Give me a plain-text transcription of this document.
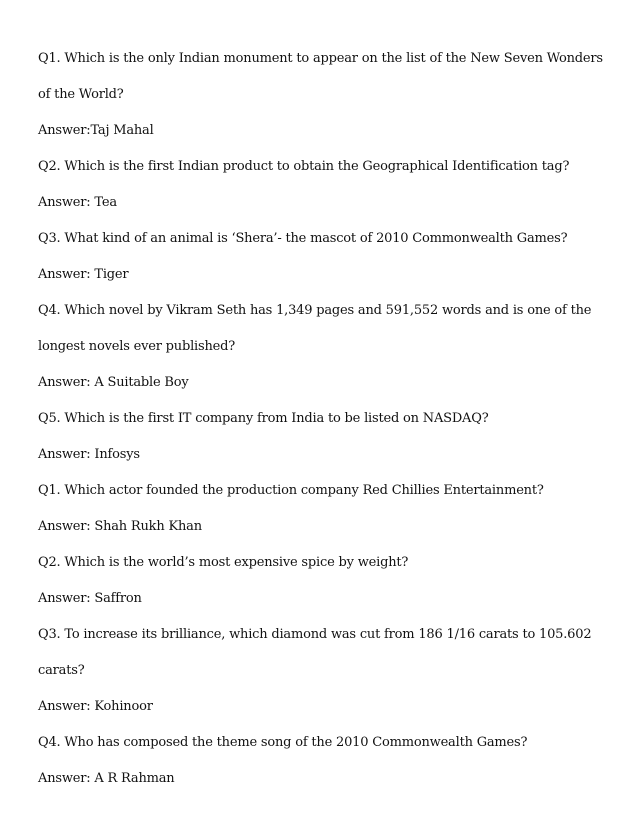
Q1. Which is the only Indian monument to appear on the list of the New Seven Wonders

of the World?

Answer:Taj Mahal

Q2. Which is the first Indian product to obtain the Geographical Identification tag?

Answer: Tea

Q3. What kind of an animal is ‘Shera’- the mascot of 2010 Commonwealth Games?

Answer: Tiger

Q4. Which novel by Vikram Seth has 1,349 pages and 591,552 words and is one of the

longest novels ever published?

Answer: A Suitable Boy

Q5. Which is the first IT company from India to be listed on NASDAQ?

Answer: Infosys

Q1. Which actor founded the production company Red Chillies Entertainment?

Answer: Shah Rukh Khan

Q2. Which is the world’s most expensive spice by weight?

Answer: Saffron

Q3. To increase its brilliance, which diamond was cut from 186 1/16 carats to 105.602

carats?

Answer: Kohinoor

Q4. Who has composed the theme song of the 2010 Commonwealth Games?

Answer: A R Rahman
